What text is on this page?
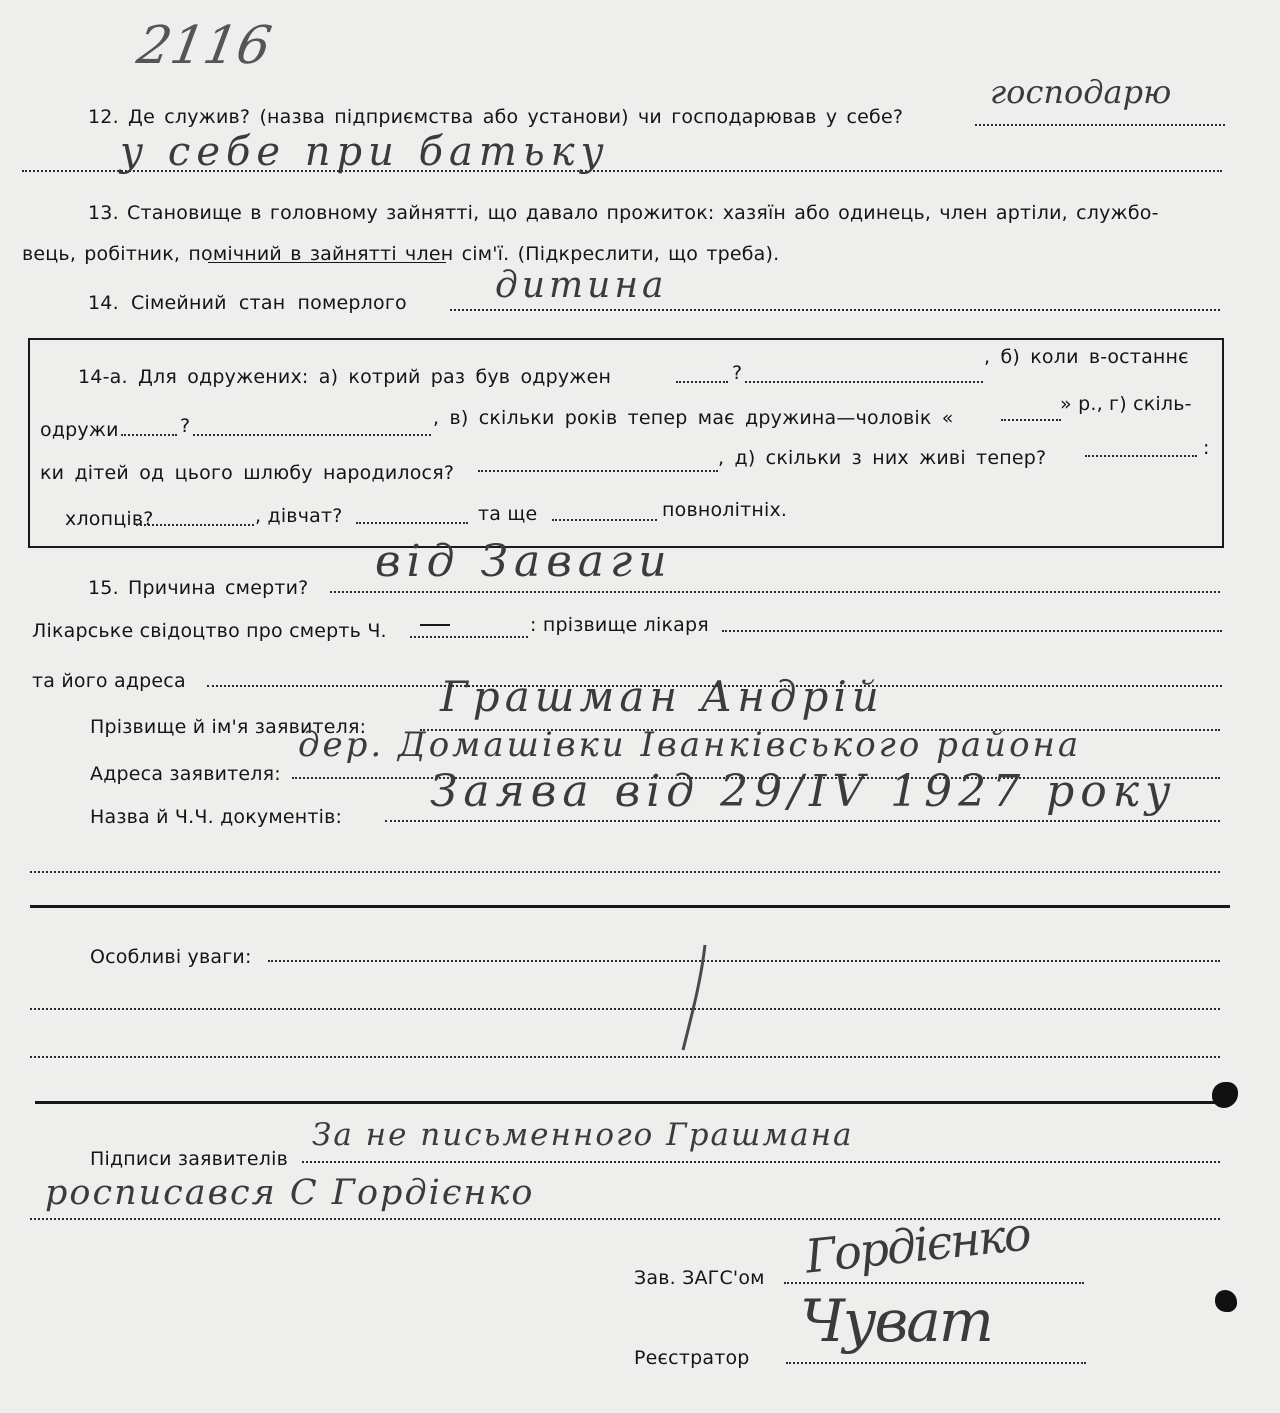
2116
12. Де служив? (назва підприємства або установи) чи господарював у себе?
господарю
у себе при батьку
13. Становище в головному зайнятті, що давало прожиток: хазяїн або одинець, член артіли, службо-
вець, робітник, помічний в зайнятті член сім'ї. (Підкреслити, що треба).
14. Сімейний стан померлого дитина
14-а. Для одружених: а) котрий раз був одружен	?
, б) коли в-останнє
одружи	?	, в) скільки років тепер має дружина—чоловік «
» р., г) скіль-
ки дітей од цього шлюбу народилося?
, д) скільки з них живі тепер?	:
хлопців?	, дівчат?	та ще	повнолітніх.
15. Причина смерти?
від Заваги
Лікарське свідоцтво про смерть Ч.	: прізвище лікаря
та його адреса
Прізвище й ім'я заявителя:
Грашман Андрій
Адреса заявителя:
дер. Домашівки Іванківського района
Назва й Ч.Ч. документів: Заява від 29/IV 1927 року
Особливі уваги:
Підписи заявителів
За не письменного Грашмана
росписався С Гордієнко
Зав. ЗАГС'ом Гордієнко
Реєстратор
Чуват
